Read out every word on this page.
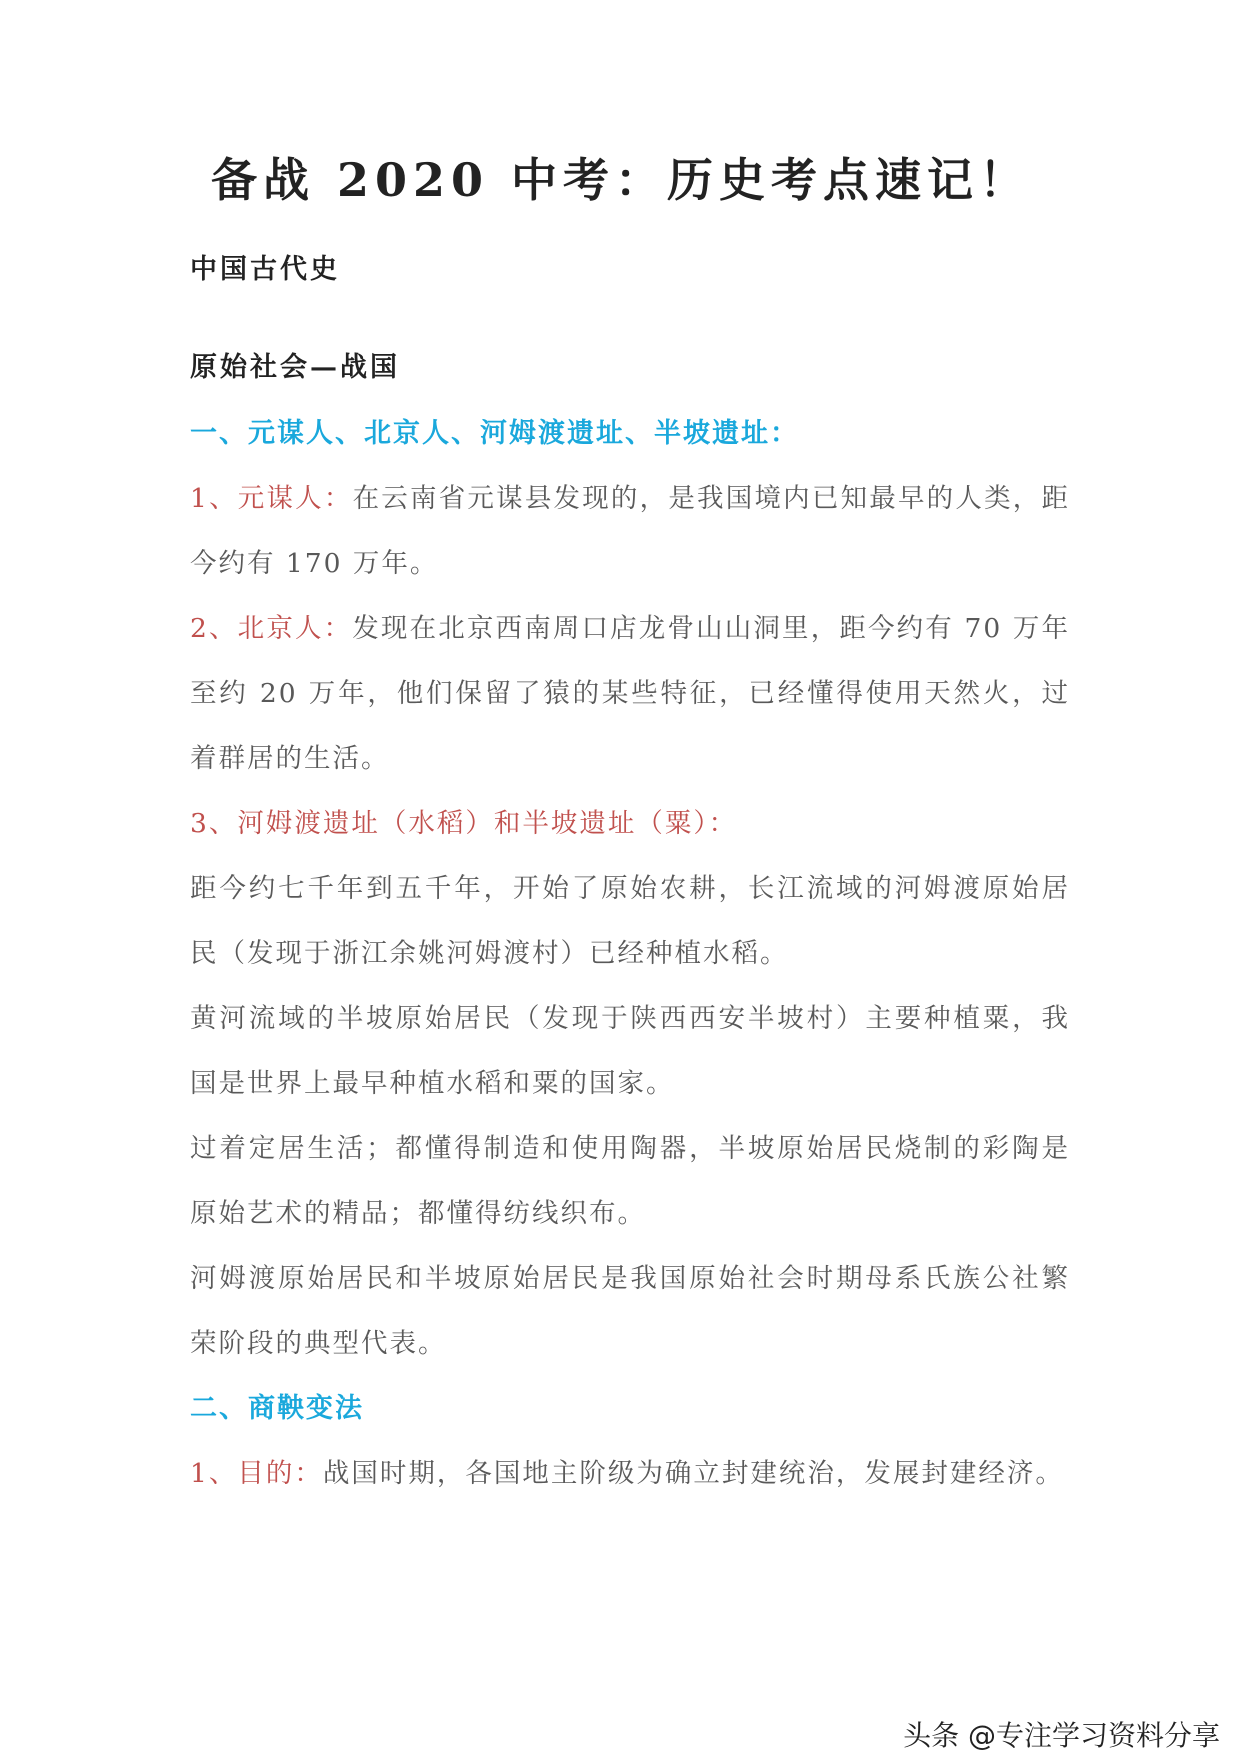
备战 2020 中考：历史考点速记！

中国古代史

原始社会—战国

一、元谋人、北京人、河姆渡遗址、半坡遗址：

1、元谋人：在云南省元谋县发现的，是我国境内已知最早的人类，距今约有 170 万年。

2、北京人：发现在北京西南周口店龙骨山山洞里，距今约有 70 万年至约 20 万年，他们保留了猿的某些特征，已经懂得使用天然火，过着群居的生活。

3、河姆渡遗址（水稻）和半坡遗址（粟）：

距今约七千年到五千年，开始了原始农耕，长江流域的河姆渡原始居民（发现于浙江余姚河姆渡村）已经种植水稻。

黄河流域的半坡原始居民（发现于陕西西安半坡村）主要种植粟，我国是世界上最早种植水稻和粟的国家。

过着定居生活；都懂得制造和使用陶器，半坡原始居民烧制的彩陶是原始艺术的精品；都懂得纺线织布。

河姆渡原始居民和半坡原始居民是我国原始社会时期母系氏族公社繁荣阶段的典型代表。

二、商鞅变法

1、目的：战国时期，各国地主阶级为确立封建统治，发展封建经济。

头条 @专注学习资料分享
